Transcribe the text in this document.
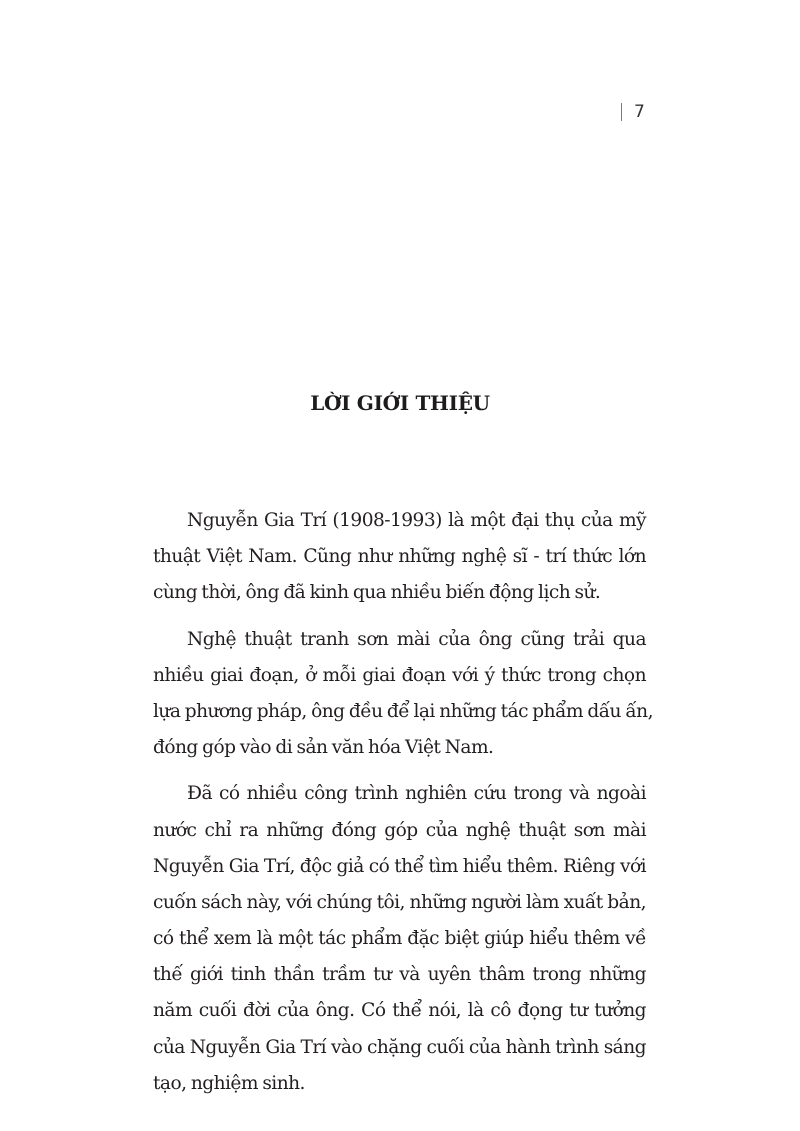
7
LỜI GIỚI THIỆU

Nguyễn Gia Trí (1908-1993) là một đại thụ của mỹ
thuật Việt Nam. Cũng như những nghệ sĩ - trí thức lớn
cùng thời, ông đã kinh qua nhiều biến động lịch sử.

Nghệ thuật tranh sơn mài của ông cũng trải qua
nhiều giai đoạn, ở mỗi giai đoạn với ý thức trong chọn
lựa phương pháp, ông đều để lại những tác phẩm dấu ấn,
đóng góp vào di sản văn hóa Việt Nam.

Đã có nhiều công trình nghiên cứu trong và ngoài
nước chỉ ra những đóng góp của nghệ thuật sơn mài
Nguyễn Gia Trí, độc giả có thể tìm hiểu thêm. Riêng với
cuốn sách này, với chúng tôi, những người làm xuất bản,
có thể xem là một tác phẩm đặc biệt giúp hiểu thêm về
thế giới tinh thần trầm tư và uyên thâm trong những
năm cuối đời của ông. Có thể nói, là cô đọng tư tưởng
của Nguyễn Gia Trí vào chặng cuối của hành trình sáng
tạo, nghiệm sinh.
